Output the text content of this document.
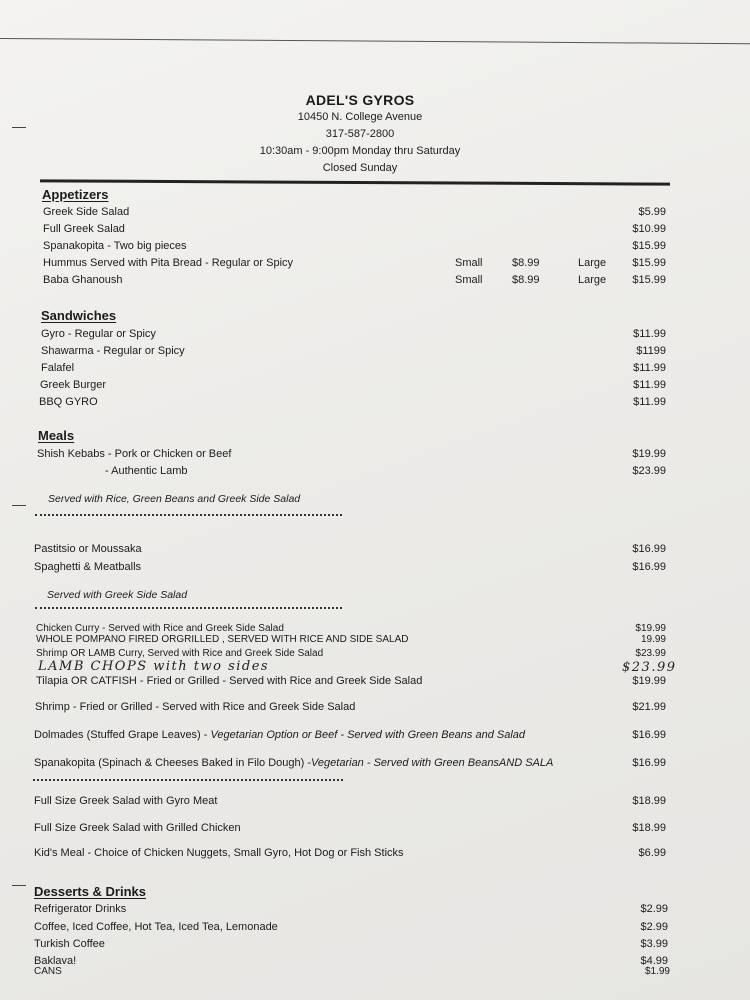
ADEL'S GYROS
10450 N. College Avenue
317-587-2800
10:30am - 9:00pm Monday thru Saturday
Closed Sunday
Appetizers
Greek Side Salad	$5.99
Full Greek Salad	$10.99
Spanakopita - Two big pieces	$15.99
Hummus Served with Pita Bread - Regular or Spicy	Small	$8.99	Large $15.99
Baba Ghanoush	Small	$8.99	Large $15.99
Sandwiches
Gyro - Regular or Spicy	$11.99
Shawarma - Regular or Spicy	$1199
Falafel	$11.99
Greek Burger	$11.99
BBQ GYRO	$11.99
Meals
Shish Kebabs - Pork or Chicken or Beef	$19.99
- Authentic Lamb	$23.99
Served with Rice, Green Beans and Greek Side Salad
Pastitsio or Moussaka	$16.99
Spaghetti & Meatballs	$16.99
Served with Greek Side Salad
Chicken Curry - Served with Rice and Greek Side Salad	$19.99
WHOLE POMPANO FIRED ORGRILLED , SERVED WITH RICE AND SIDE SALAD	19.99
Shrimp OR LAMB Curry, Served with Rice and Greek Side Salad	$23.99
LAMB CHOPS with two sides	$23.99
Tilapia OR CATFISH - Fried or Grilled - Served with Rice and Greek Side Salad	$19.99
Shrimp - Fried or Grilled - Served with Rice and Greek Side Salad	$21.99
Dolmades (Stuffed Grape Leaves) - Vegetarian Option or Beef - Served with Green Beans and Salad	$16.99
Spanakopita (Spinach & Cheeses Baked in Filo Dough) -Vegetarian - Served with Green BeansAND SALA	$16.99
Full Size Greek Salad with Gyro Meat	$18.99
Full Size Greek Salad with Grilled Chicken	$18.99
Kid's Meal - Choice of Chicken Nuggets, Small Gyro, Hot Dog or Fish Sticks	$6.99
Desserts & Drinks
Refrigerator Drinks	$2.99
Coffee, Iced Coffee, Hot Tea, Iced Tea, Lemonade	$2.99
Turkish Coffee	$3.99
Baklava!	$4.99
CANS	$1.99
